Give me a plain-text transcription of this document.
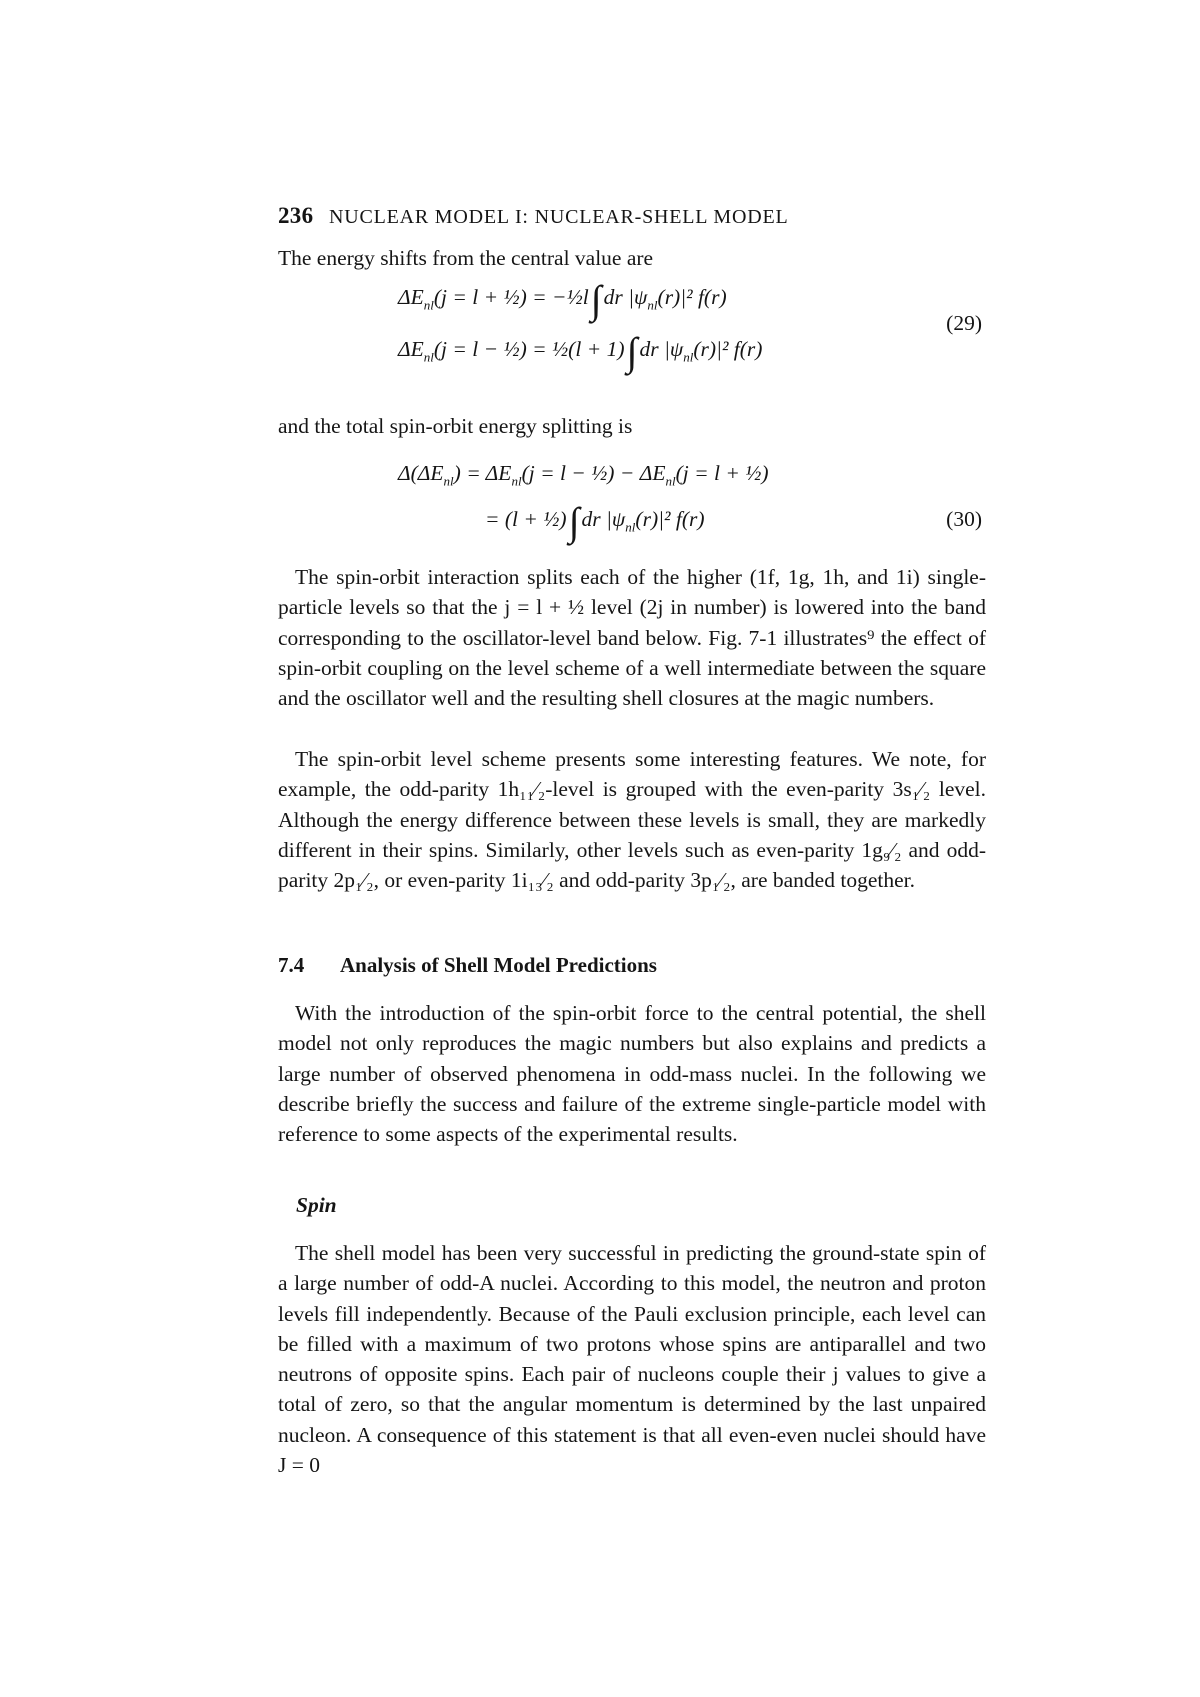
236 NUCLEAR MODEL I: NUCLEAR-SHELL MODEL
The energy shifts from the central value are
$\Delta E_{nl}(j = l$ + ½) = −½l∫dr $|\psi_{nl}(r)|^2$ f(r)
$\Delta E_{nl}(j = l$ − ½) = ½(l + 1)∫dr $|\psi_{nl}(r)|^2$ f(r)
(29)
and the total spin-orbit energy splitting is
$\Delta(\Delta E_{nl}) = \Delta E_{nl}(j = l$ − ½) − $\Delta E_{nl}(j = l$ + ½)
= (l + ½)∫dr $|\psi_{nl}(r)|^2$ f(r)	(30)
The spin-orbit interaction splits each of the higher (1f, 1g, 1h, and 1i) single-particle levels so that the j = l + ½ level (2j in number) is lowered into the band corresponding to the oscillator-level band below. Fig. 7-1 illustrates⁹ the effect of spin-orbit coupling on the level scheme of a well intermediate between the square and the oscillator well and the resulting shell closures at the magic numbers.
The spin-orbit level scheme presents some interesting features. We note, for example, the odd-parity 1h₁₁⁄₂-level is grouped with the even-parity 3s₁⁄₂ level. Although the energy difference between these levels is small, they are markedly different in their spins. Similarly, other levels such as even-parity 1g₉⁄₂ and odd-parity 2p₁⁄₂, or even-parity 1i₁₃⁄₂ and odd-parity 3p₁⁄₂, are banded together.
7.4 Analysis of Shell Model Predictions
With the introduction of the spin-orbit force to the central potential, the shell model not only reproduces the magic numbers but also explains and predicts a large number of observed phenomena in odd-mass nuclei. In the following we describe briefly the success and failure of the extreme single-particle model with reference to some aspects of the experimental results.
Spin
The shell model has been very successful in predicting the ground-state spin of a large number of odd-A nuclei. According to this model, the neutron and proton levels fill independently. Because of the Pauli exclusion principle, each level can be filled with a maximum of two protons whose spins are antiparallel and two neutrons of opposite spins. Each pair of nucleons couple their j values to give a total of zero, so that the angular momentum is determined by the last unpaired nucleon. A consequence of this statement is that all even-even nuclei should have J = 0
